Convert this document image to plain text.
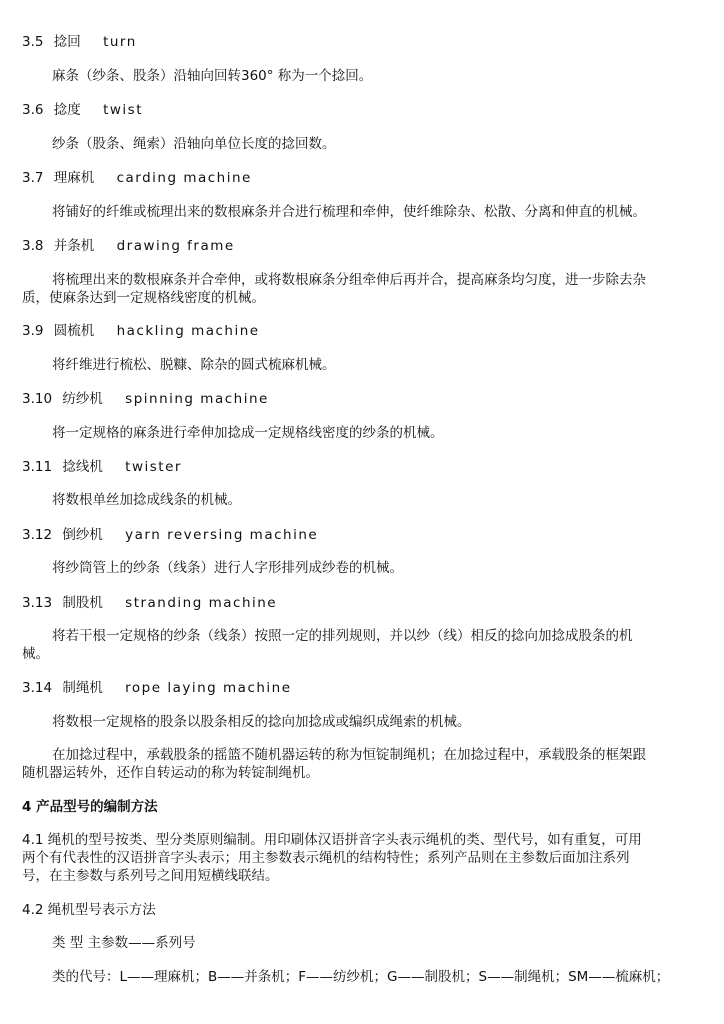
3.5 捻回 turn
麻条（纱条、股条）沿轴向回转360° 称为一个捻回。
3.6 捻度 twist
纱条（股条、绳索）沿轴向单位长度的捻回数。
3.7 理麻机 carding machine
将铺好的纤维或梳理出来的数根麻条并合进行梳理和牵伸，使纤维除杂、松散、分离和伸直的机械。
3.8 并条机 drawing frame
将梳理出来的数根麻条并合牵伸，或将数根麻条分组牵伸后再并合，提高麻条均匀度，进一步除去杂
质，使麻条达到一定规格线密度的机械。
3.9 圆梳机 hackling machine
将纤维进行梳松、脱糠、除杂的圆式梳麻机械。
3.10 纺纱机 spinning machine
将一定规格的麻条进行牵伸加捻成一定规格线密度的纱条的机械。
3.11 捻线机 twister
将数根单丝加捻成线条的机械。
3.12 倒纱机 yarn reversing machine
将纱筒管上的纱条（线条）进行人字形排列成纱卷的机械。
3.13 制股机 stranding machine
将若干根一定规格的纱条（线条）按照一定的排列规则，并以纱（线）相反的捻向加捻成股条的机
械。
3.14 制绳机 rope laying machine
将数根一定规格的股条以股条相反的捻向加捻成或编织成绳索的机械。
在加捻过程中，承载股条的摇篮不随机器运转的称为恒锭制绳机；在加捻过程中，承载股条的框架跟
随机器运转外，还作自转运动的称为转锭制绳机。
4 产品型号的编制方法
4.1 绳机的型号按类、型分类原则编制。用印刷体汉语拼音字头表示绳机的类、型代号，如有重复，可用
两个有代表性的汉语拼音字头表示；用主参数表示绳机的结构特性；系列产品则在主参数后面加注系列
号，在主参数与系列号之间用短横线联结。
4.2 绳机型号表示方法
类 型 主参数——系列号
类的代号：L——理麻机；B——并条机；F——纺纱机；G——制股机；S——制绳机；SM——梳麻机；
